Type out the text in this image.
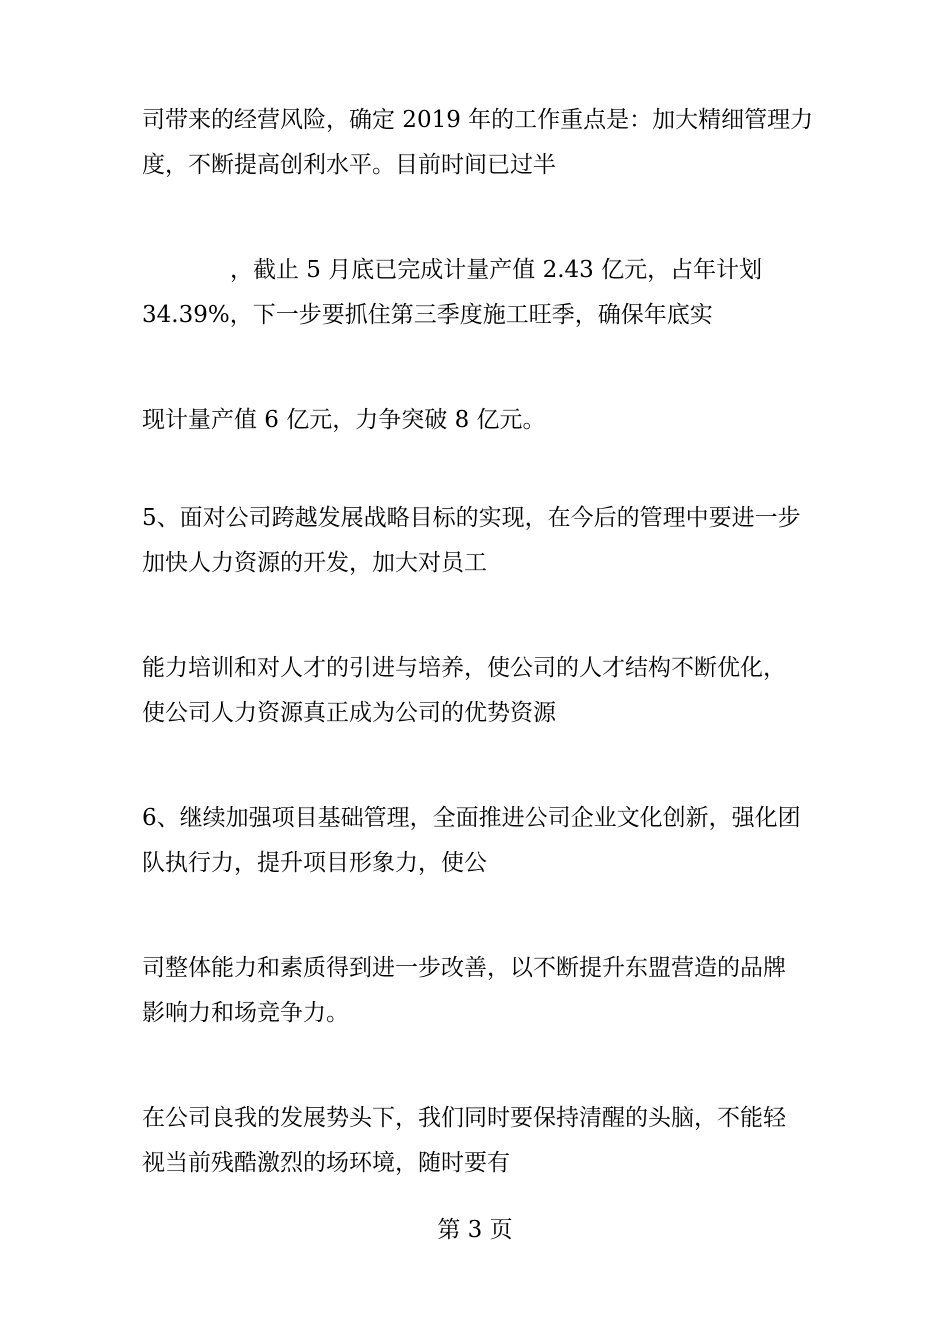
司带来的经营风险，确定 2019 年的工作重点是：加大精细管理力
度，不断提高创利水平。目前时间已过半

，截止 5 月底已完成计量产值 2.43 亿元，占年计划
34.39%，下一步要抓住第三季度施工旺季，确保年底实

现计量产值 6 亿元，力争突破 8 亿元。

5、面对公司跨越发展战略目标的实现，在今后的管理中要进一步
加快人力资源的开发，加大对员工

能力培训和对人才的引进与培养，使公司的人才结构不断优化，
使公司人力资源真正成为公司的优势资源

6、继续加强项目基础管理，全面推进公司企业文化创新，强化团
队执行力，提升项目形象力，使公

司整体能力和素质得到进一步改善，以不断提升东盟营造的品牌
影响力和场竞争力。

在公司良我的发展势头下，我们同时要保持清醒的头脑，不能轻
视当前残酷激烈的场环境，随时要有

第 3 页
